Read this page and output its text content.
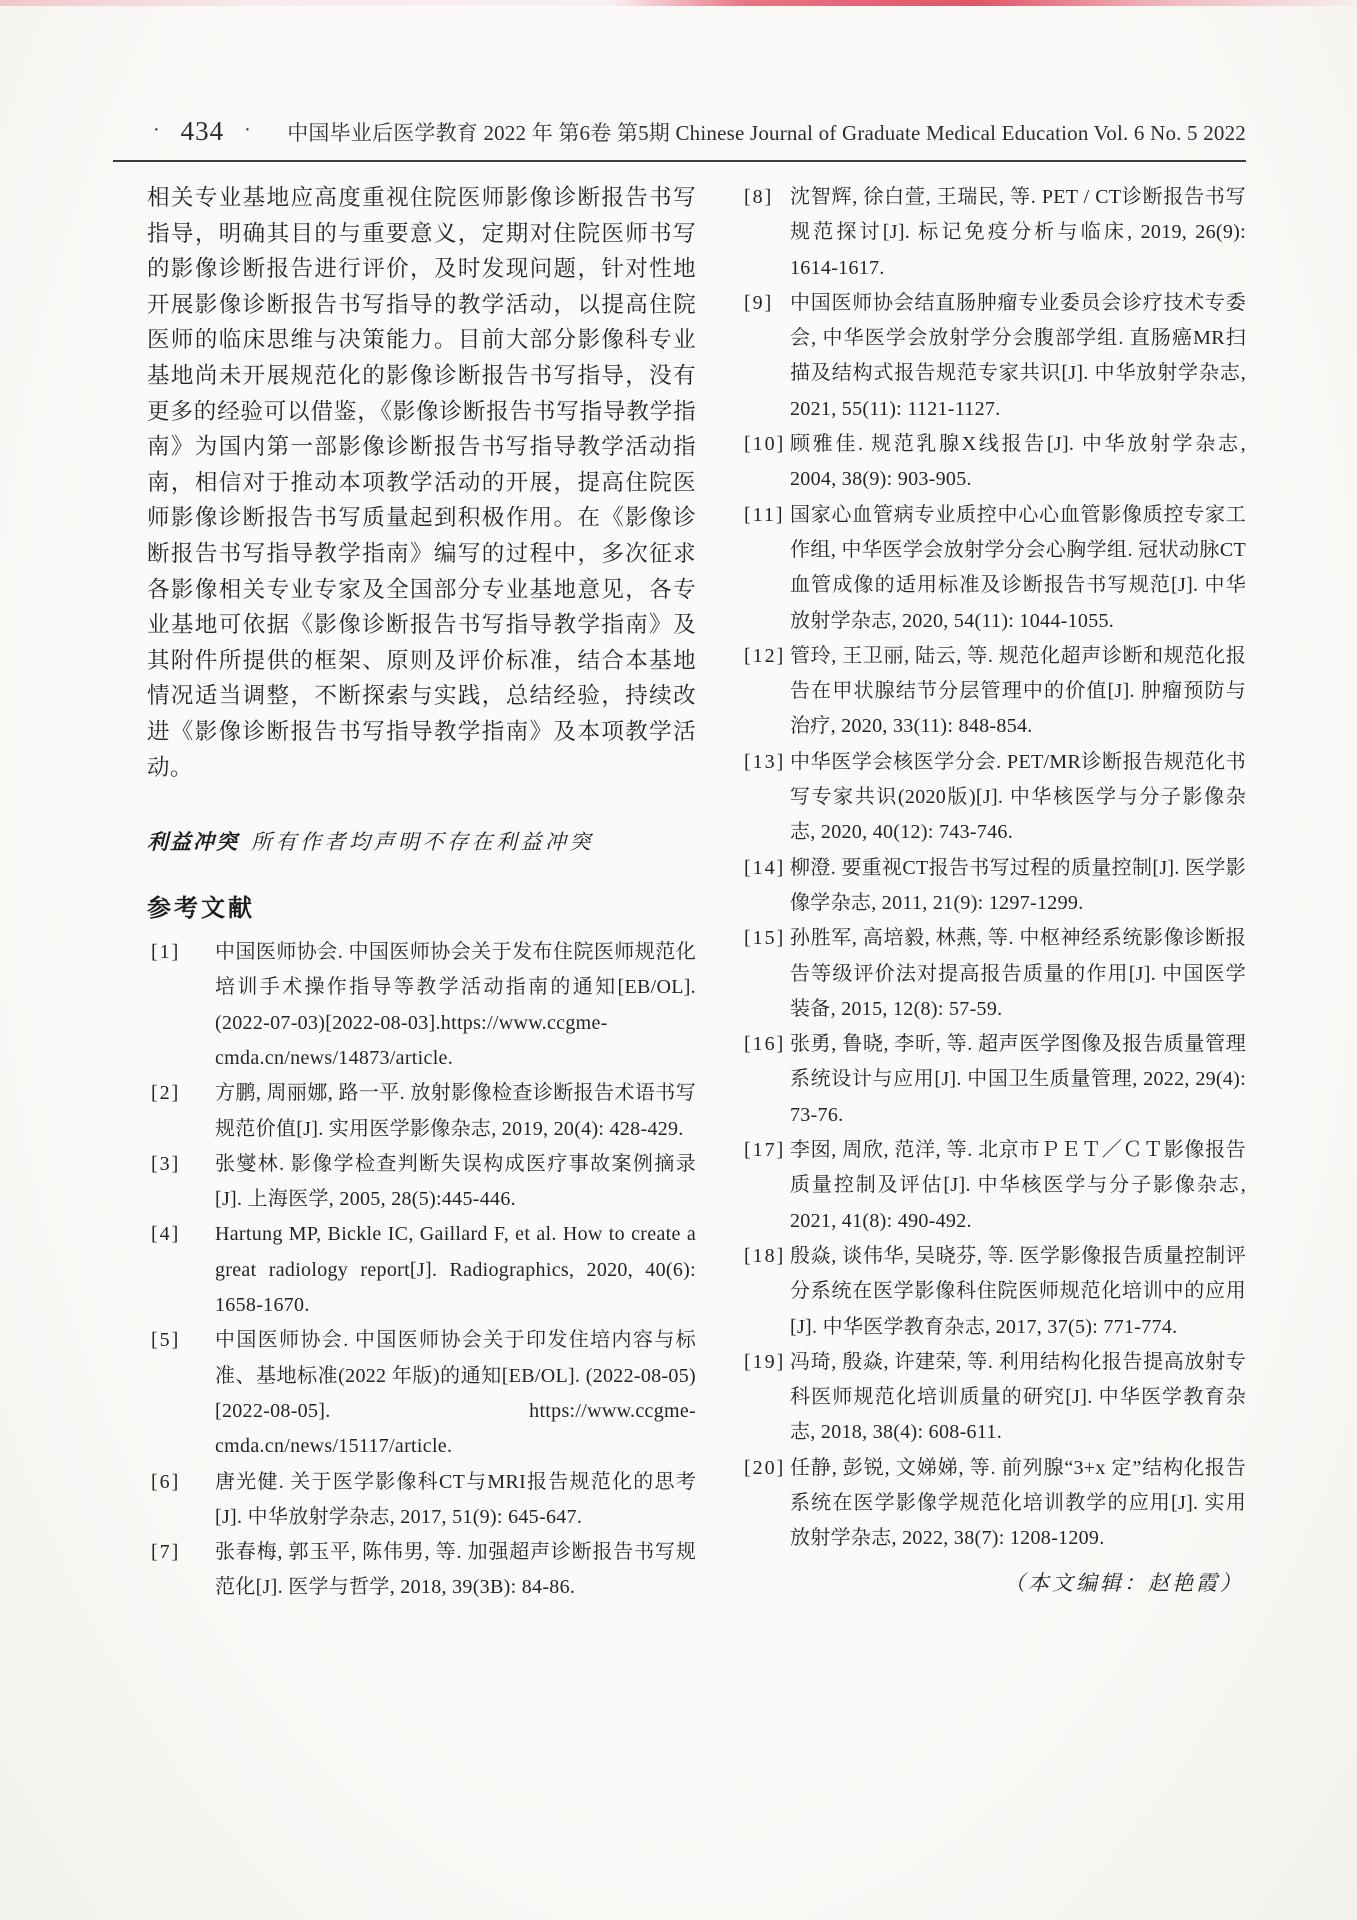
· 434 ·	中国毕业后医学教育 2022 年 第6卷 第5期 Chinese Journal of Graduate Medical Education Vol. 6 No. 5 2022

相关专业基地应高度重视住院医师影像诊断报告书写指导，明确其目的与重要意义，定期对住院医师书写的影像诊断报告进行评价，及时发现问题，针对性地开展影像诊断报告书写指导的教学活动，以提高住院医师的临床思维与决策能力。目前大部分影像科专业基地尚未开展规范化的影像诊断报告书写指导，没有更多的经验可以借鉴，《影像诊断报告书写指导教学指南》为国内第一部影像诊断报告书写指导教学活动指南，相信对于推动本项教学活动的开展，提高住院医师影像诊断报告书写质量起到积极作用。在《影像诊断报告书写指导教学指南》编写的过程中，多次征求各影像相关专业专家及全国部分专业基地意见，各专业基地可依据《影像诊断报告书写指导教学指南》及其附件所提供的框架、原则及评价标准，结合本基地情况适当调整，不断探索与实践，总结经验，持续改进《影像诊断报告书写指导教学指南》及本项教学活动。

利益冲突 所有作者均声明不存在利益冲突
参考文献
[1]	中国医师协会. 中国医师协会关于发布住院医师规范化培训手术操作指导等教学活动指南的通知[EB/OL]. (2022-07-03)[2022-08-03].https://www.ccgme-cmda.cn/news/14873/article.
[2]	方鹏, 周丽娜, 路一平. 放射影像检查诊断报告术语书写规范价值[J]. 实用医学影像杂志, 2019, 20(4): 428-429.
[3]	张燮林. 影像学检查判断失误构成医疗事故案例摘录[J]. 上海医学, 2005, 28(5):445-446.
[4]	Hartung MP, Bickle IC, Gaillard F, et al. How to create a great radiology report[J]. Radiographics, 2020, 40(6): 1658-1670.
[5]	中国医师协会. 中国医师协会关于印发住培内容与标准、基地标准(2022 年版)的通知[EB/OL]. (2022-08-05)[2022-08-05]. https://www.ccgme-cmda.cn/news/15117/article.
[6]	唐光健. 关于医学影像科CT与MRI报告规范化的思考[J]. 中华放射学杂志, 2017, 51(9): 645-647.
[7]	张春梅, 郭玉平, 陈伟男, 等. 加强超声诊断报告书写规范化[J]. 医学与哲学, 2018, 39(3B): 84-86.
[8] 沈智辉, 徐白萱, 王瑞民, 等. PET / CT诊断报告书写规范探讨[J]. 标记免疫分析与临床, 2019, 26(9): 1614-1617.
[9] 中国医师协会结直肠肿瘤专业委员会诊疗技术专委会, 中华医学会放射学分会腹部学组. 直肠癌MR扫描及结构式报告规范专家共识[J]. 中华放射学杂志, 2021, 55(11): 1121-1127.
[10] 顾雅佳. 规范乳腺X线报告[J]. 中华放射学杂志, 2004, 38(9): 903-905.
[11] 国家心血管病专业质控中心心血管影像质控专家工作组, 中华医学会放射学分会心胸学组. 冠状动脉CT血管成像的适用标准及诊断报告书写规范[J]. 中华放射学杂志, 2020, 54(11): 1044-1055.
[12] 管玲, 王卫丽, 陆云, 等. 规范化超声诊断和规范化报告在甲状腺结节分层管理中的价值[J]. 肿瘤预防与治疗, 2020, 33(11): 848-854.
[13] 中华医学会核医学分会. PET/MR诊断报告规范化书写专家共识(2020版)[J]. 中华核医学与分子影像杂志, 2020, 40(12): 743-746.
[14] 柳澄. 要重视CT报告书写过程的质量控制[J]. 医学影像学杂志, 2011, 21(9): 1297-1299.
[15] 孙胜军, 高培毅, 林燕, 等. 中枢神经系统影像诊断报告等级评价法对提高报告质量的作用[J]. 中国医学装备, 2015, 12(8): 57-59.
[16] 张勇, 鲁晓, 李昕, 等. 超声医学图像及报告质量管理系统设计与应用[J]. 中国卫生质量管理, 2022, 29(4): 73-76.
[17] 李囡, 周欣, 范洋, 等. 北京市ＰＥＴ／ＣＴ影像报告质量控制及评估[J]. 中华核医学与分子影像杂志, 2021, 41(8): 490-492.
[18] 殷焱, 谈伟华, 吴晓芬, 等. 医学影像报告质量控制评分系统在医学影像科住院医师规范化培训中的应用[J]. 中华医学教育杂志, 2017, 37(5): 771-774.
[19] 冯琦, 殷焱, 许建荣, 等. 利用结构化报告提高放射专科医师规范化培训质量的研究[J]. 中华医学教育杂志, 2018, 38(4): 608-611.
[20] 任静, 彭锐, 文娣娣, 等. 前列腺“3+x 定”结构化报告系统在医学影像学规范化培训教学的应用[J]. 实用放射学杂志, 2022, 38(7): 1208-1209.
（本文编辑：赵艳霞）
